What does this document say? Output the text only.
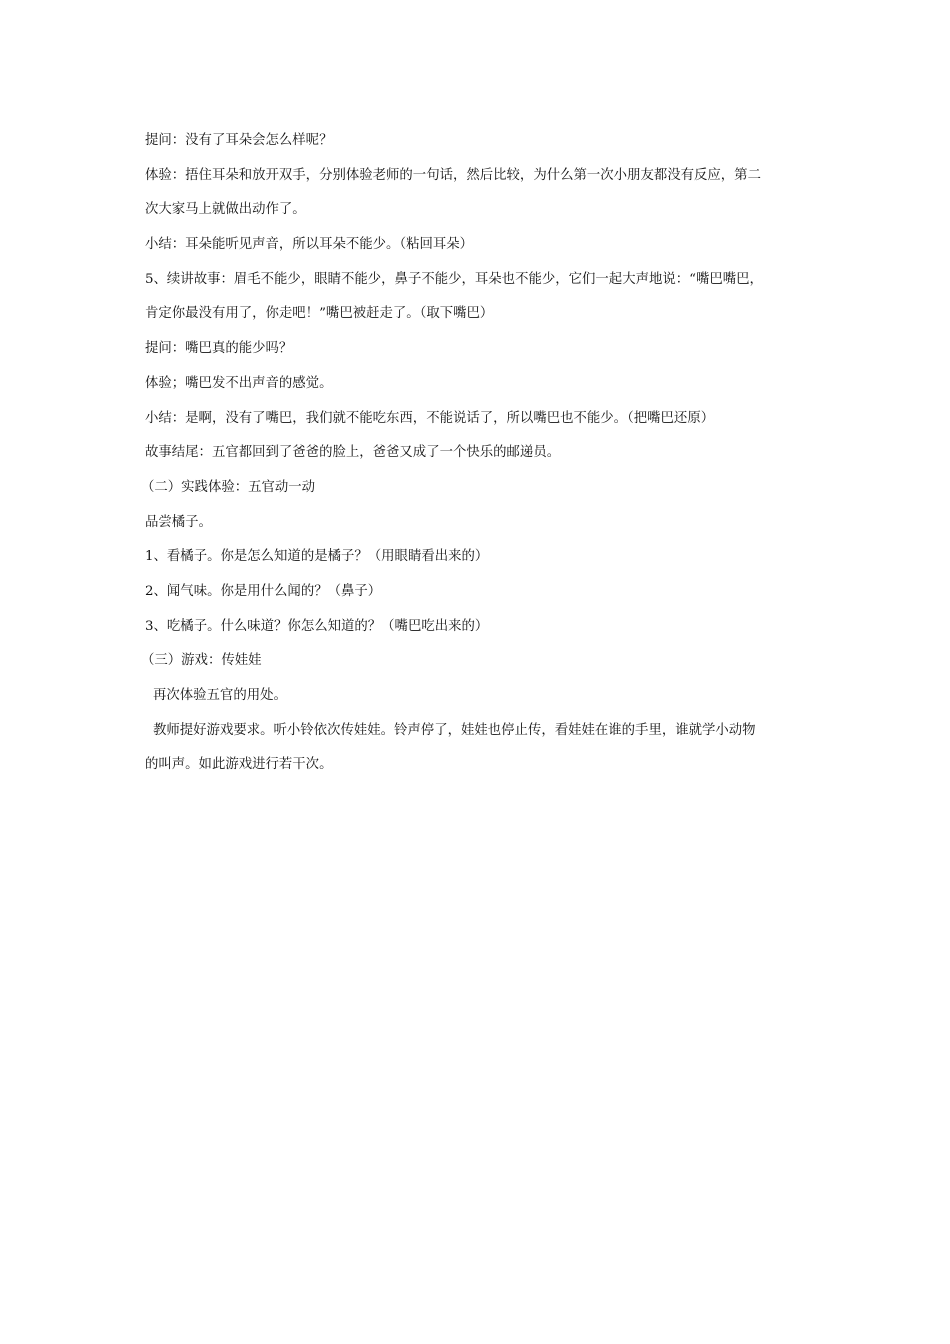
提问：没有了耳朵会怎么样呢？
体验：捂住耳朵和放开双手，分别体验老师的一句话，然后比较，为什么第一次小朋友都没有反应，第二
次大家马上就做出动作了。
小结：耳朵能听见声音，所以耳朵不能少。（粘回耳朵）
5、续讲故事：眉毛不能少，眼睛不能少，鼻子不能少，耳朵也不能少，它们一起大声地说：“嘴巴嘴巴，
肯定你最没有用了，你走吧！”嘴巴被赶走了。（取下嘴巴）
提问：嘴巴真的能少吗？
体验；嘴巴发不出声音的感觉。
小结：是啊，没有了嘴巴，我们就不能吃东西，不能说话了，所以嘴巴也不能少。（把嘴巴还原）
故事结尾：五官都回到了爸爸的脸上，爸爸又成了一个快乐的邮递员。
（二）实践体验：五官动一动
品尝橘子。
1、看橘子。你是怎么知道的是橘子？（用眼睛看出来的）
2、闻气味。你是用什么闻的？（鼻子）
3、吃橘子。什么味道？你怎么知道的？（嘴巴吃出来的）
（三）游戏：传娃娃
再次体验五官的用处。
教师提好游戏要求。听小铃依次传娃娃。铃声停了，娃娃也停止传，看娃娃在谁的手里，谁就学小动物
的叫声。如此游戏进行若干次。
